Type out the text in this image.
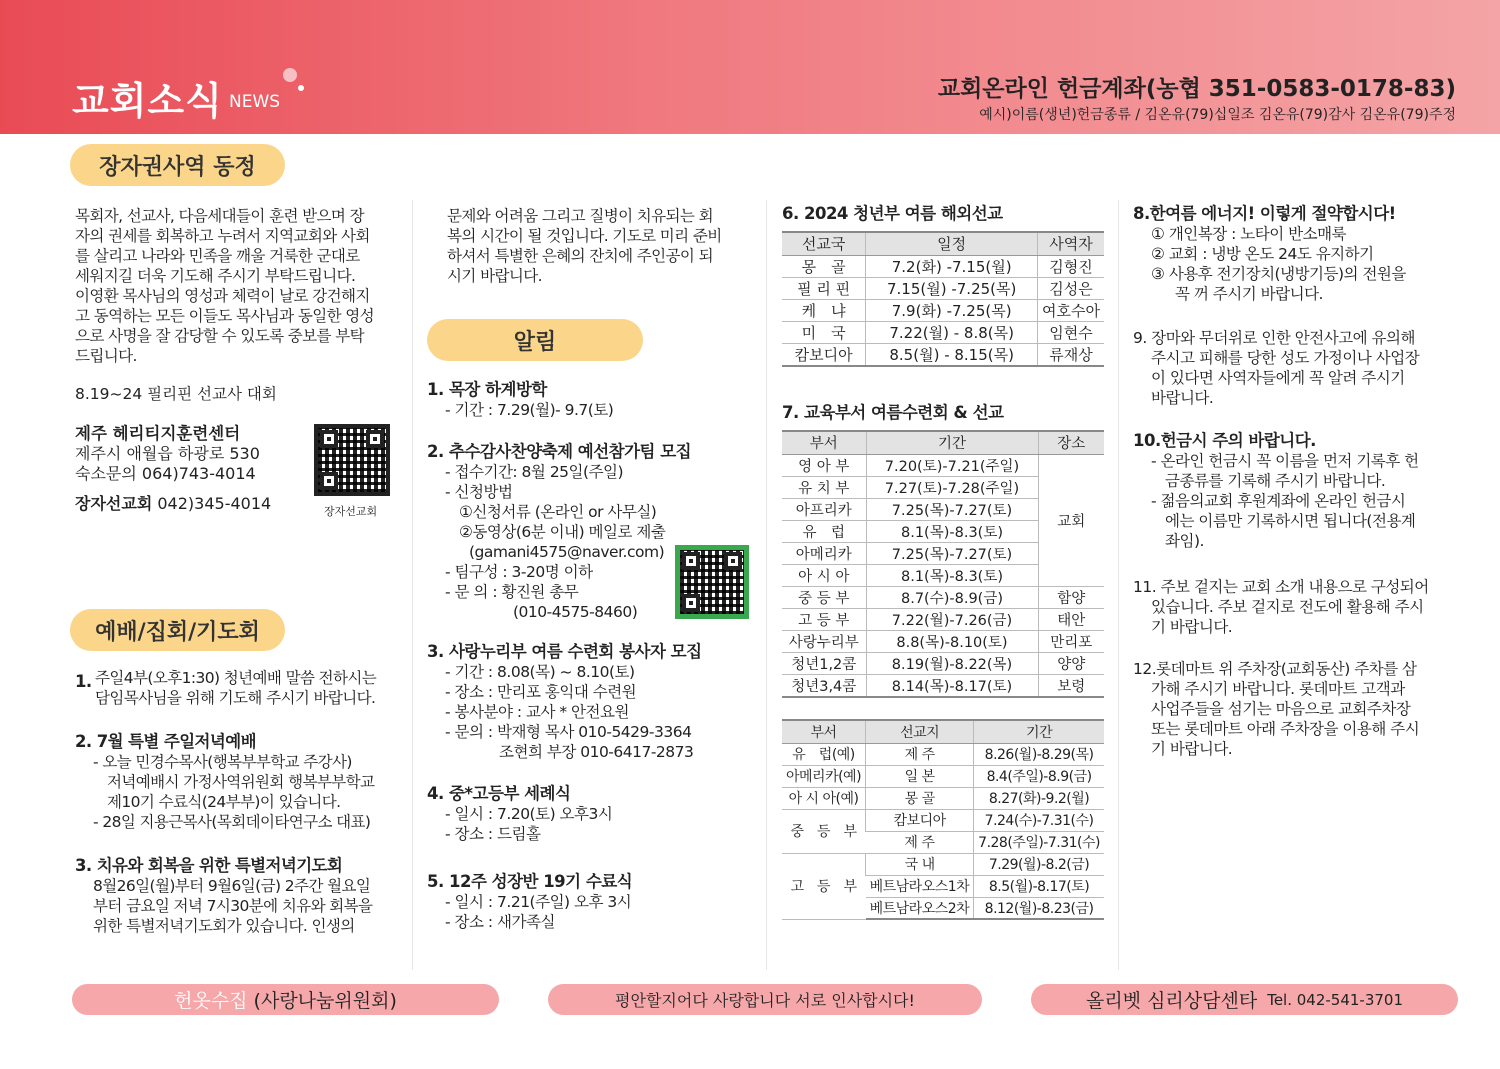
교회소식 NEWS	교회온라인 헌금계좌(농협 351-0583-0178-83)
예시)이름(생년)헌금종류 / 김온유(79)십일조 김온유(79)감사 김온유(79)주정
장자권사역 동정
알림
예배/집회/기도회

목회자, 선교사, 다음세대들이 훈련 받으며 장

자의 권세를 회복하고 누려서 지역교회와 사회

를 살리고 나라와 민족을 깨울 거룩한 군대로

세워지길 더욱 기도해 주시기 부탁드립니다.

이영환 목사님의 영성과 체력이 날로 강건해지

고 동역하는 모든 이들도 목사님과 동일한 영성

으로 사명을 잘 감당할 수 있도록 중보를 부탁

드립니다.

8.19~24 필리핀 선교사 대회

제주 헤리티지훈련센터

제주시 애월읍 하광로 530

숙소문의 064)743-4014

장자선교회 042)345-4014	장자선교회
1. 주일4부(오후1:30) 청년예배 말씀 전하시는

담임목사님을 위해 기도해 주시기 바랍니다.

2. 7월 특별 주일저녁예배

- 오늘 민경수목사(행복부부학교 주강사)

저녁예배시 가정사역위원회 행복부부학교

제10기 수료식(24부부)이 있습니다.

- 28일 지용근목사(목회데이타연구소 대표)

3. 치유와 회복을 위한 특별저녁기도회

8월26일(월)부터 9월6일(금) 2주간 월요일

부터 금요일 저녁 7시30분에 치유와 회복을

위한 특별저녁기도회가 있습니다. 인생의

문제와 어려움 그리고 질병이 치유되는 회

복의 시간이 될 것입니다. 기도로 미리 준비

하셔서 특별한 은혜의 잔치에 주인공이 되

시기 바랍니다.

1. 목장 하계방학

- 기간 : 7.29(월)- 9.7(토)

2. 추수감사찬양축제 예선참가팀 모집

- 접수기간: 8월 25일(주일)

- 신청방법

①신청서류 (온라인 or 사무실)

②동영상(6분 이내) 메일로 제출

(gamani4575@naver.com)

- 팀구성 : 3-20명 이하

- 문 의 : 황진원 총무

(010-4575-8460)

3. 사랑누리부 여름 수련회 봉사자 모집

- 기간 : 8.08(목) ~ 8.10(토)

- 장소 : 만리포 홍익대 수련원

- 봉사분야 : 교사 * 안전요원

- 문의 : 박재형 목사 010-5429-3364

조현희 부장 010-6417-2873

4. 중*고등부 세례식

- 일시 : 7.20(토) 오후3시

- 장소 : 드림홀

5. 12주 성장반 19기 수료식

- 일시 : 7.21(주일) 오후 3시

- 장소 : 새가족실

6. 2024 청년부 여름 해외선교
선교국	일정	사역자
몽　골	7.2(화) -7.15(월)	김형진
필 리 핀	7.15(월) -7.25(목)	김성은
케　냐	7.9(화) -7.25(목)	여호수아
미　국	7.22(월) - 8.8(목)	임현수
캄보디아	8.5(월) - 8.15(목)	류재상
7. 교육부서 여름수련회 & 선교
부서	기간	장소
영 아 부	7.20(토)-7.21(주일)	교회
유 치 부	7.27(토)-7.28(주일)	
아프리카	7.25(목)-7.27(토)	
유　럽	8.1(목)-8.3(토)	
아메리카	7.25(목)-7.27(토)	
아 시 아	8.1(목)-8.3(토)	
중 등 부	8.7(수)-8.9(금)	함양
고 등 부	7.22(월)-7.26(금)	태안
사랑누리부	8.8(목)-8.10(토)	만리포
청년1,2콤	8.19(월)-8.22(목)	양양
청년3,4콤	8.14(목)-8.17(토)	보령
부서	선교지	기간
유　럽(예)	제 주	8.26(월)-8.29(목)
아메리카(예)	일 본	8.4(주일)-8.9(금)
아 시 아(예)	몽 골	8.27(화)-9.2(월)
중　등　부	캄보디아	7.24(수)-7.31(수)
	제 주	7.28(주일)-7.31(수)
고　등　부	국 내	7.29(월)-8.2(금)
	베트남라오스1차	8.5(월)-8.17(토)
	베트남라오스2차	8.12(월)-8.23(금)

8.한여름 에너지! 이렇게 절약합시다!

① 개인복장 : 노타이 반소매룩

② 교회 : 냉방 온도 24도 유지하기

③ 사용후 전기장치(냉방기등)의 전원을

꼭 꺼 주시기 바랍니다.

9. 장마와 무더위로 인한 안전사고에 유의해

주시고 피해를 당한 성도 가정이나 사업장

이 있다면 사역자들에게 꼭 알려 주시기

바랍니다.

10.헌금시 주의 바랍니다.

- 온라인 헌금시 꼭 이름을 먼저 기록후 헌

금종류를 기록해 주시기 바랍니다.

- 젊음의교회 후원계좌에 온라인 헌금시

에는 이름만 기록하시면 됩니다(전용계

좌임).

11. 주보 겉지는 교회 소개 내용으로 구성되어

있습니다. 주보 겉지로 전도에 활용해 주시

기 바랍니다.

12.롯데마트 위 주차장(교회동산) 주차를 삼

가해 주시기 바랍니다. 롯데마트 고객과

사업주들을 섬기는 마음으로 교회주차장

또는 롯데마트 아래 주차장을 이용해 주시

기 바랍니다.

헌옷수집 (사랑나눔위원회)	평안할지어다 사랑합니다 서로 인사합시다!	올리벳 심리상담센타 Tel. 042-541-3701
